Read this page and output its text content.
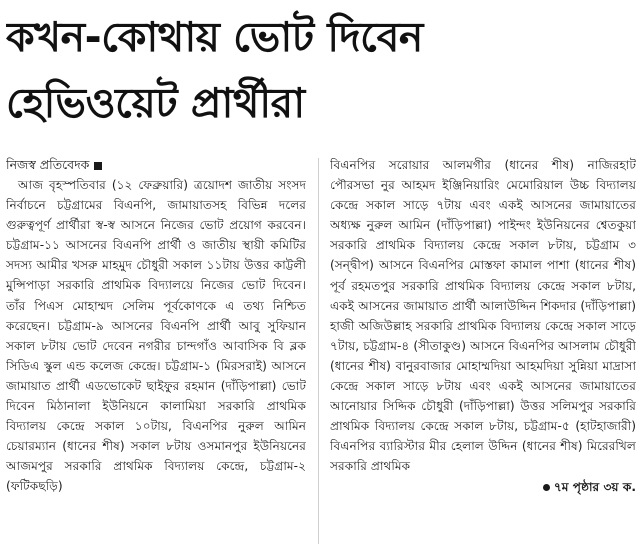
কখন-কোথায় ভোট দিবেন
হেভিওয়েট প্রার্থীরা
নিজস্ব প্রতিবেদক

আজ বৃহস্পতিবার (১২ ফেব্রুয়ারি) ত্রয়োদশ জাতীয় সংসদ নির্বাচনে চট্টগ্রামের বিএনপি, জামায়াতসহ বিভিন্ন দলের গুরুত্বপূর্ণ প্রার্থীরা স্ব-স্ব আসনে নিজের ভোট প্রয়োগ করবেন। চট্টগ্রাম-১১ আসনের বিএনপি প্রার্থী ও জাতীয় স্থায়ী কমিটির সদস্য আমীর খসরু মাহমুদ চৌধুরী সকাল ১১টায় উত্তর কাট্টলী মুন্সিপাড়া সরকারি প্রাথমিক বিদ্যালয়ে নিজের ভোট দিবেন। তাঁর পিএস মোহাম্মদ সেলিম পূর্বকোণকে এ তথ্য নিশ্চিত করেছেন। চট্টগ্রাম-৯ আসনের বিএনপি প্রার্থী আবু সুফিয়ান সকাল ৮টায় ভোট দেবেন নগরীর চান্দগাঁও আবাসিক বি ব্লক সিডিএ স্কুল এন্ড কলেজ কেন্দ্রে। চট্টগ্রাম-১ (মিরসরাই) আসনে জামায়াত প্রার্থী এডভোকেট ছাইফুর রহমান (দাঁড়িপাল্লা) ভোট দিবেন মিঠানালা ইউনিয়নে কালামিয়া সরকারি প্রাথমিক বিদ্যালয় কেন্দ্রে সকাল ১০টায়, বিএনপির নুরুল আমিন চেয়ারম্যান (ধানের শীষ) সকাল ৮টায় ওসমানপুর ইউনিয়নের আজমপুর সরকারি প্রাথমিক বিদ্যালয় কেন্দ্রে, চট্টগ্রাম-২ (ফটিকছড়ি)

বিএনপির সরোয়ার আলমগীর (ধানের শীষ) নাজিরহাট পৌরসভা নুর আহমদ ইঞ্জিনিয়ারিং মেমোরিয়াল উচ্চ বিদ্যালয় কেন্দ্রে সকাল সাড়ে ৭টায় এবং একই আসনের জামায়াতের অধ্যক্ষ নুরুল আমিন (দাঁড়িপাল্লা) পাইন্দং ইউনিয়নের শ্বেতকুয়া সরকারি প্রাথমিক বিদ্যালয় কেন্দ্রে সকাল ৮টায়, চট্টগ্রাম ৩ (সন্দ্বীপ) আসনে বিএনপির মোস্তফা কামাল পাশা (ধানের শীষ) পূর্ব রহমতপুর সরকারি প্রাথমিক বিদ্যালয় কেন্দ্রে সকাল ৮টায়, একই আসনের জামায়াত প্রার্থী আলাউদ্দিন শিকদার (দাঁড়িপাল্লা) হাজী অজিউল্লাহ সরকারি প্রাথমিক বিদ্যালয় কেন্দ্রে সকাল সাড়ে ৭টায়, চট্টগ্রাম-৪ (সীতাকুণ্ড) আসনে বিএনপির আসলাম চৌধুরী (ধানের শীষ) বানুরবাজার মোহাম্মদিয়া আহমদিয়া সুন্নিয়া মাদ্রাসা কেন্দ্রে সকাল সাড়ে ৮টায় এবং একই আসনের জামায়াতের আনোয়ার সিদ্দিক চৌধুরী (দাঁড়িপাল্লা) উত্তর সলিমপুর সরকারি প্রাথমিক বিদ্যালয় কেন্দ্রে সকাল ৮টায়, চট্টগ্রাম-৫ (হাটহাজারী) বিএনপির ব্যারিস্টার মীর হেলাল উদ্দিন (ধানের শীষ) মিরেরখিল সরকারি প্রাথমিক

৭ম পৃষ্ঠার ৩য় ক.
